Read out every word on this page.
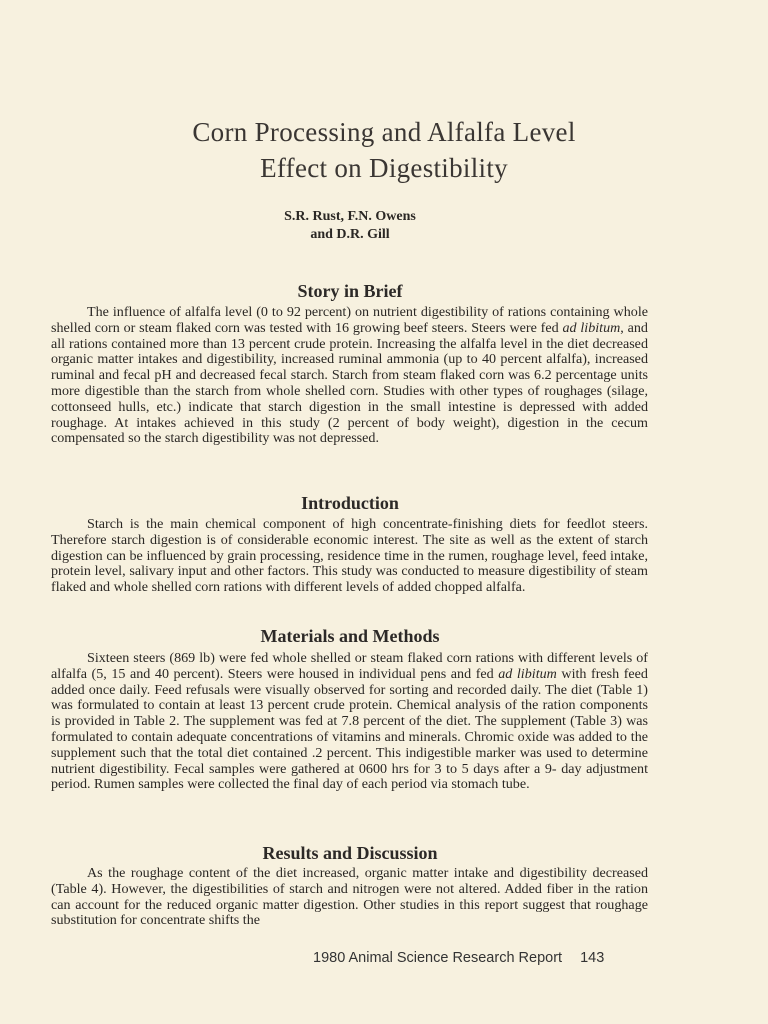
Corn Processing and Alfalfa Level
Effect on Digestibility
S.R. Rust, F.N. Owens
and D.R. Gill
Story in Brief

The influence of alfalfa level (0 to 92 percent) on nutrient digestibility of rations containing whole shelled corn or steam flaked corn was tested with 16 growing beef steers. Steers were fed ad libitum, and all rations contained more than 13 percent crude protein. Increasing the alfalfa level in the diet decreased organic matter intakes and digestibility, increased ruminal ammonia (up to 40 percent alfalfa), increased ruminal and fecal pH and decreased fecal starch. Starch from steam flaked corn was 6.2 percentage units more digestible than the starch from whole shelled corn. Studies with other types of roughages (silage, cottonseed hulls, etc.) indicate that starch digestion in the small intestine is depressed with added roughage. At intakes achieved in this study (2 percent of body weight), digestion in the cecum compensated so the starch digestibility was not depressed.

Introduction

Starch is the main chemical component of high concentrate-finishing diets for feedlot steers. Therefore starch digestion is of considerable economic interest. The site as well as the extent of starch digestion can be influenced by grain processing, residence time in the rumen, roughage level, feed intake, protein level, salivary input and other factors. This study was conducted to measure digestibility of steam flaked and whole shelled corn rations with different levels of added chopped alfalfa.

Materials and Methods

Sixteen steers (869 lb) were fed whole shelled or steam flaked corn rations with different levels of alfalfa (5, 15 and 40 percent). Steers were housed in individual pens and fed ad libitum with fresh feed added once daily. Feed refusals were visually observed for sorting and recorded daily. The diet (Table 1) was formulated to contain at least 13 percent crude protein. Chemical analysis of the ration components is provided in Table 2. The supplement was fed at 7.8 percent of the diet. The supplement (Table 3) was formulated to contain adequate concentrations of vitamins and minerals. Chromic oxide was added to the supplement such that the total diet contained .2 percent. This indigestible marker was used to determine nutrient digestibility. Fecal samples were gathered at 0600 hrs for 3 to 5 days after a 9- day adjustment period. Rumen samples were collected the final day of each period via stomach tube.

Results and Discussion

As the roughage content of the diet increased, organic matter intake and digestibility decreased (Table 4). However, the digestibilities of starch and nitrogen were not altered. Added fiber in the ration can account for the reduced organic matter digestion. Other studies in this report suggest that roughage substitution for concentrate shifts the

1980 Animal Science Research Report 143
